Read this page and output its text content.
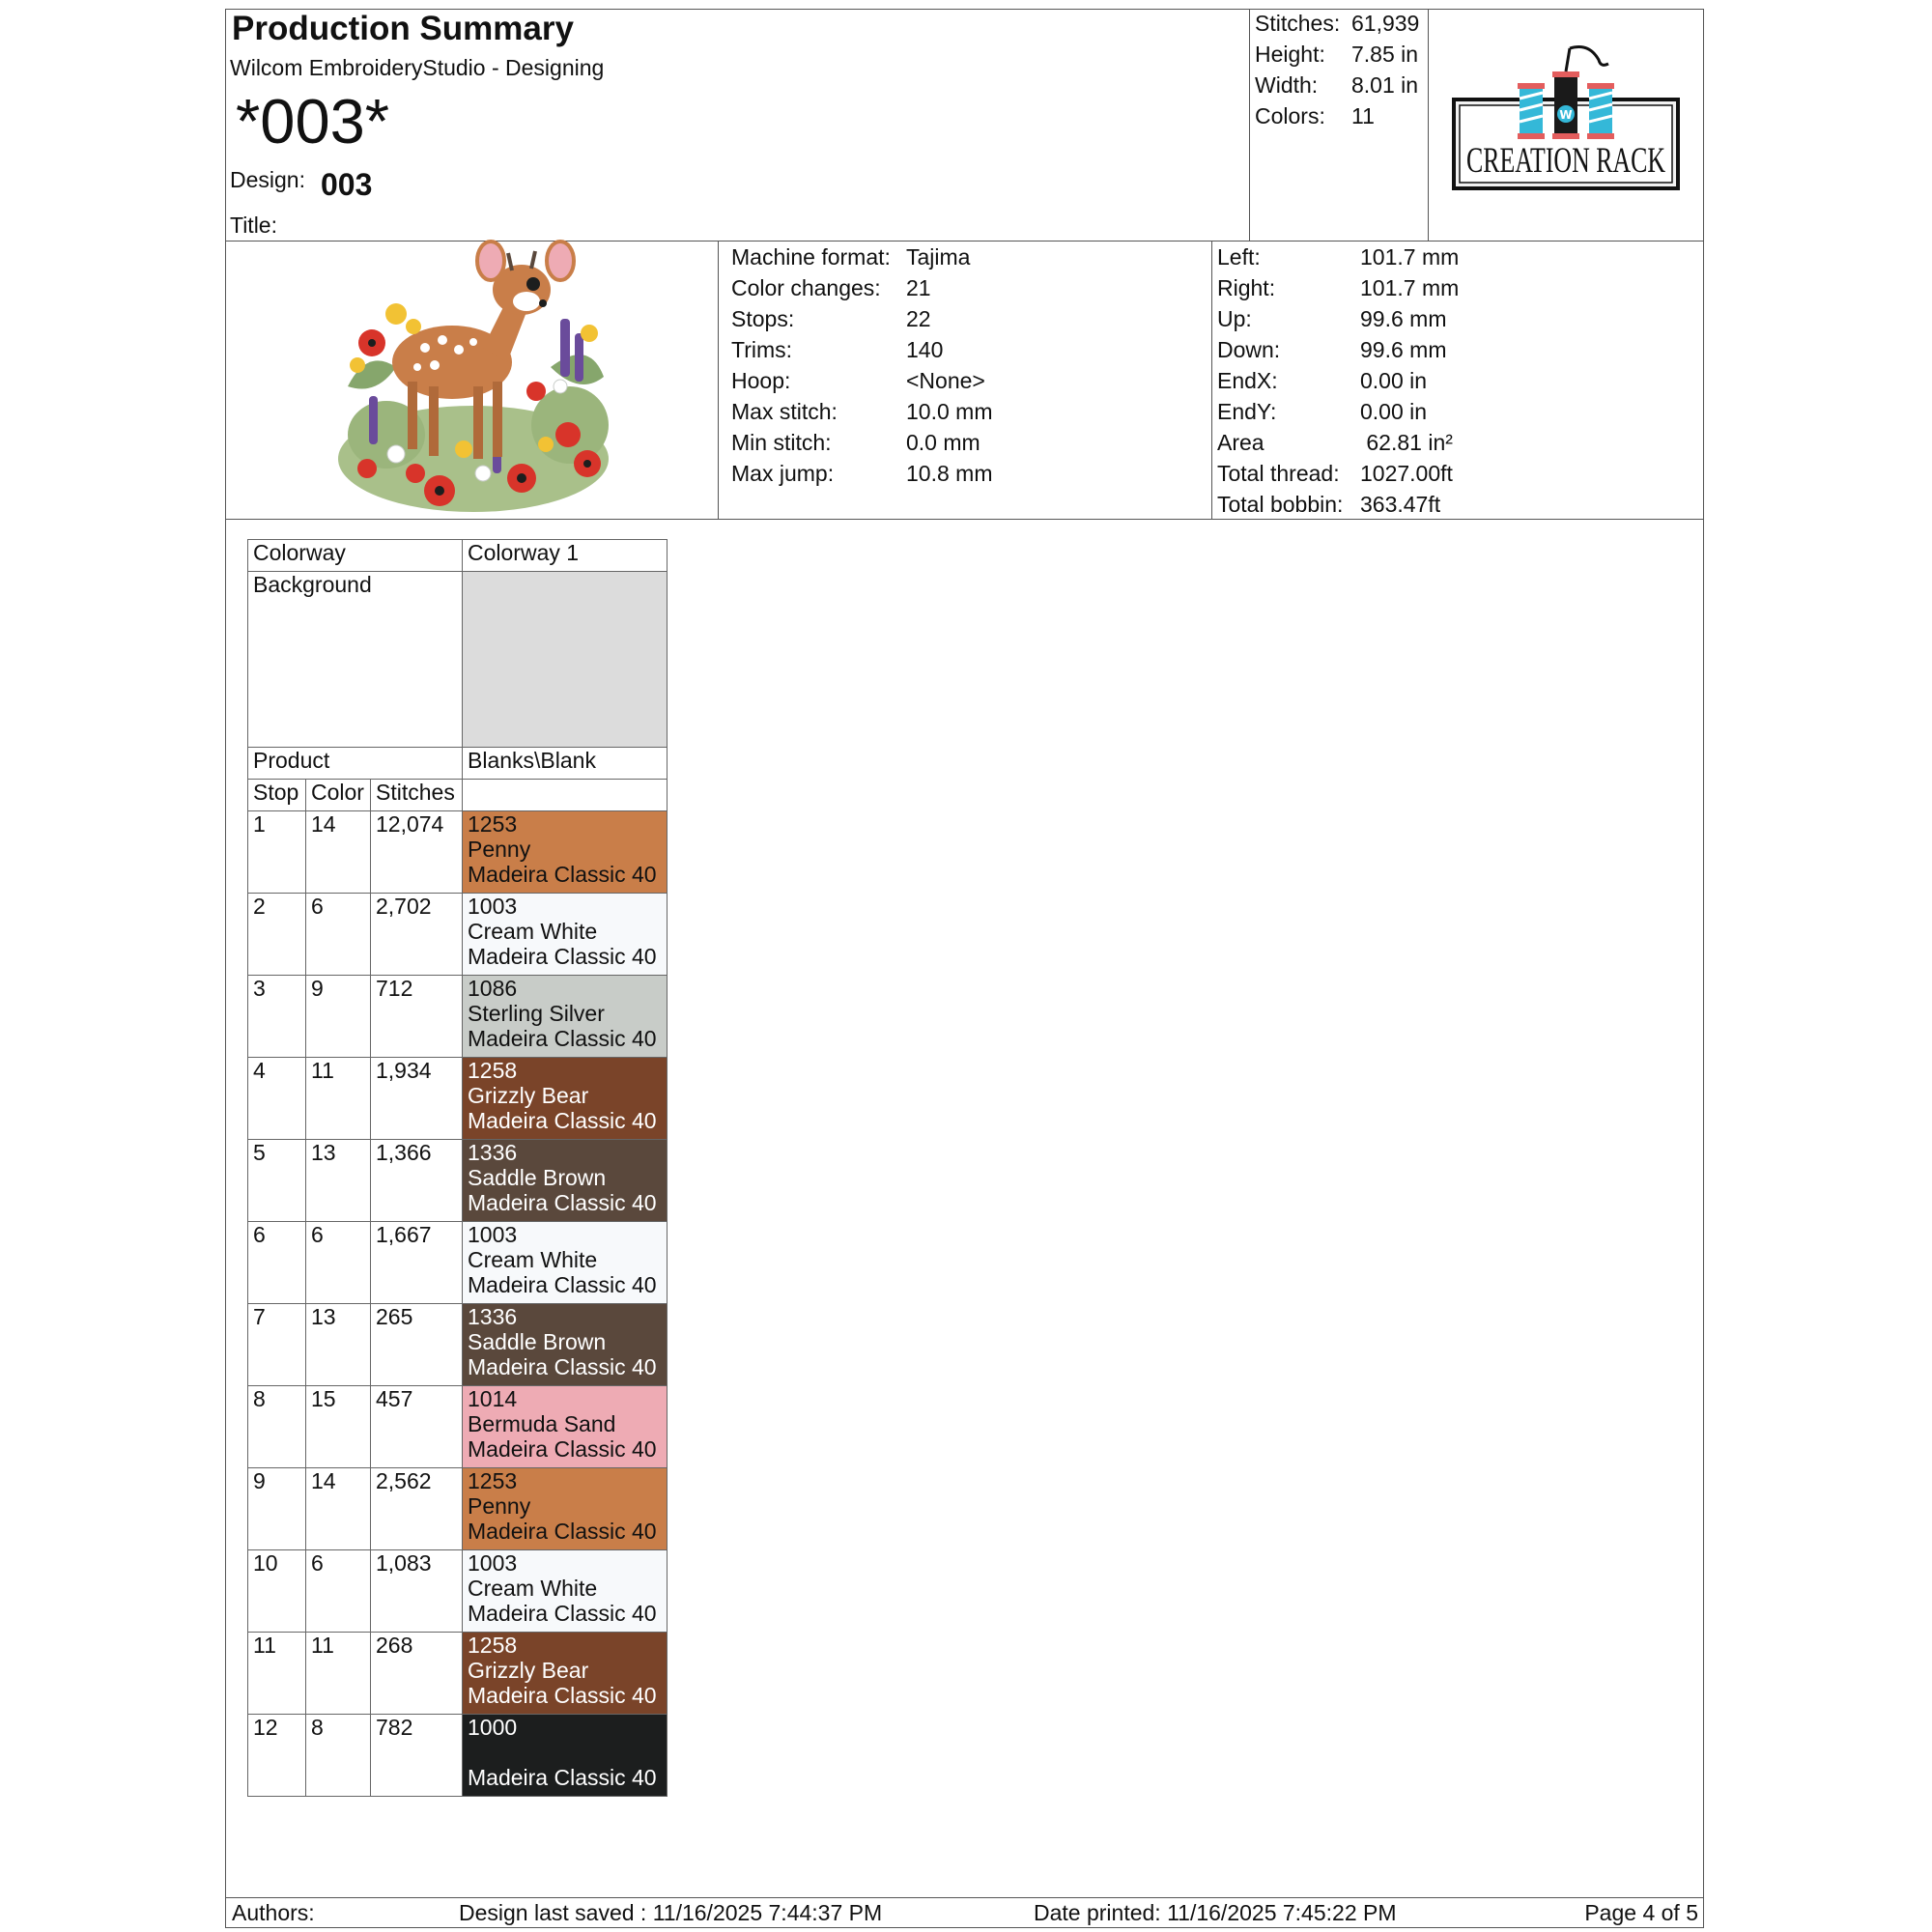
Production Summary
Wilcom EmbroideryStudio - Designing
*003*
Design: 003
Title:
Stitches: 61,939
Height:	7.85 in
Width:	8.01 in
Colors:	11	W
CREATION RACK
Machine format: Tajima
Color changes:	21
Stops:	22
Trims:	140
Hoop:	<None>
Max stitch:	10.0 mm
Min stitch:	0.0 mm
Max jump:	10.8 mm
Left:	101.7 mm
Right:	101.7 mm
Up:	99.6 mm
Down:	99.6 mm
EndX:	0.00 in
EndY:	0.00 in
Area	62.81 in²
Total thread: 1027.00ft
Total bobbin: 363.47ft
Colorway			Colorway 1
Background			
Product			Blanks\Blank
Stop	Color	Stitches	
1	14	12,074	1253
Penny
Madeira Classic 40

2	6	2,702	1003
Cream White
Madeira Classic 40

3	9	712	1086
Sterling Silver
Madeira Classic 40

4	11	1,934	1258
Grizzly Bear
Madeira Classic 40

5	13	1,366	1336
Saddle Brown
Madeira Classic 40

6	6	1,667	1003
Cream White
Madeira Classic 40

7	13	265	1336
Saddle Brown
Madeira Classic 40

8	15	457	1014
Bermuda Sand
Madeira Classic 40

9	14	2,562	1253
Penny
Madeira Classic 40

10	6	1,083	1003
Cream White
Madeira Classic 40

11	11	268	1258
Grizzly Bear
Madeira Classic 40

12	8	782	1000
Madeira Classic 40
Authors:	Design last saved : 11/16/2025 7:44:37 PM	Date printed: 11/16/2025 7:45:22 PM	Page 4 of 5
